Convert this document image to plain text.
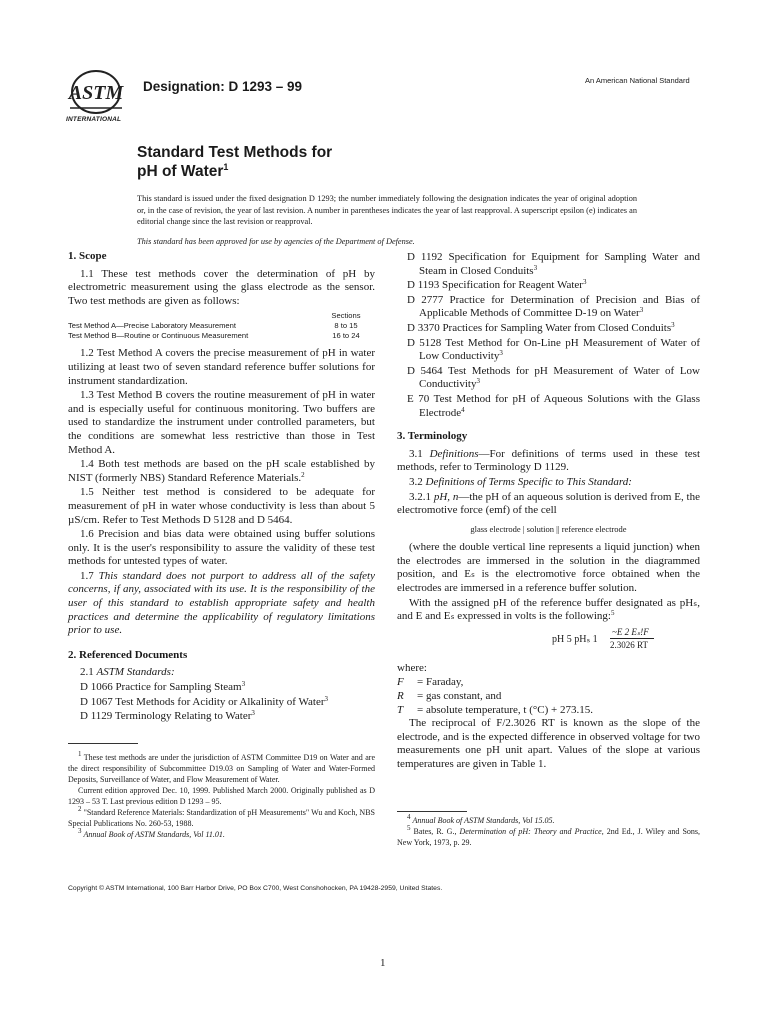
ASTM
INTERNATIONAL
Designation: D 1293 – 99	An American National Standard
Standard Test Methods for
pH of Water$^1$
This standard is issued under the fixed designation D 1293; the number immediately following the designation indicates the year of original adoption or, in the case of revision, the year of last revision. A number in parentheses indicates the year of last reapproval. A superscript epsilon (e) indicates an editorial change since the last revision or reapproval.
This standard has been approved for use by agencies of the Department of Defense.

1. Scope

1.1 These test methods cover the determination of pH by electrometric measurement using the glass electrode as the sensor. Two test methods are given as follows:

	Sections
Test Method A—Precise Laboratory Measurement	8 to 15
Test Method B—Routine or Continuous Measurement	16 to 24

1.2 Test Method A covers the precise measurement of pH in water utilizing at least two of seven standard reference buffer solutions for instrument standardization.

1.3 Test Method B covers the routine measurement of pH in water and is especially useful for continuous monitoring. Two buffers are used to standardize the instrument under controlled parameters, but the conditions are somewhat less restrictive than those in Test Method A.

1.4 Both test methods are based on the pH scale established by NIST (formerly NBS) Standard Reference Materials.$^2$

1.5 Neither test method is considered to be adequate for measurement of pH in water whose conductivity is less than about 5 µS/cm. Refer to Test Methods D 5128 and D 5464.

1.6 Precision and bias data were obtained using buffer solutions only. It is the user's responsibility to assure the validity of these test methods for untested types of water.

1.7 This standard does not purport to address all of the safety concerns, if any, associated with its use. It is the responsibility of the user of this standard to establish appropriate safety and health practices and determine the applicability of regulatory limitations prior to use.

2. Referenced Documents

2.1 ASTM Standards:

D 1066 Practice for Sampling Steam$^3$

D 1067 Test Methods for Acidity or Alkalinity of Water$^3$

D 1129 Terminology Relating to Water$^3$

$^1$ These test methods are under the jurisdiction of ASTM Committee D19 on Water and are the direct responsibility of Subcommittee D19.03 on Sampling of Water and Water-Formed Deposits, Surveillance of Water, and Flow Measurement of Water.

Current edition approved Dec. 10, 1999. Published March 2000. Originally published as D 1293 – 53 T. Last previous edition D 1293 – 95.

$^2$ "Standard Reference Materials: Standardization of pH Measurements" Wu and Koch, NBS Special Publications No. 260-53, 1988.

$^3$ Annual Book of ASTM Standards, Vol 11.01.

D 1192 Specification for Equipment for Sampling Water and Steam in Closed Conduits$^3$

D 1193 Specification for Reagent Water$^3$

D 2777 Practice for Determination of Precision and Bias of Applicable Methods of Committee D-19 on Water$^3$

D 3370 Practices for Sampling Water from Closed Conduits$^3$

D 5128 Test Method for On-Line pH Measurement of Water of Low Conductivity$^3$

D 5464 Test Methods for pH Measurement of Water of Low Conductivity$^3$

E 70 Test Method for pH of Aqueous Solutions with the Glass Electrode$^4$

3. Terminology

3.1 Definitions—For definitions of terms used in these test methods, refer to Terminology D 1129.

3.2 Definitions of Terms Specific to This Standard:

3.2.1 pH, n—the pH of an aqueous solution is derived from E, the electromotive force (emf) of the cell

glass electrode | solution || reference electrode

(where the double vertical line represents a liquid junction) when the electrodes are immersed in the solution in the diagrammed position, and Eₛ is the electromotive force obtained when the electrodes are immersed in a reference buffer solution.

With the assigned pH of the reference buffer designated as pHₛ, and E and Eₛ expressed in volts is the following:$^5$

pH 5 pHₛ 1
~E 2 Eₛ!F
2.3026 RT

where:

F = Faraday,
R = gas constant, and
T = absolute temperature, t (°C) + 273.15.

The reciprocal of F/2.3026 RT is known as the slope of the electrode, and is the expected difference in observed voltage for two measurements one pH unit apart. Values of the slope at various temperatures are given in Table 1.

$^4$ Annual Book of ASTM Standards, Vol 15.05.

$^5$ Bates, R. G., Determination of pH: Theory and Practice, 2nd Ed., J. Wiley and Sons, New York, 1973, p. 29.

Copyright © ASTM International, 100 Barr Harbor Drive, PO Box C700, West Conshohocken, PA 19428-2959, United States.
1
